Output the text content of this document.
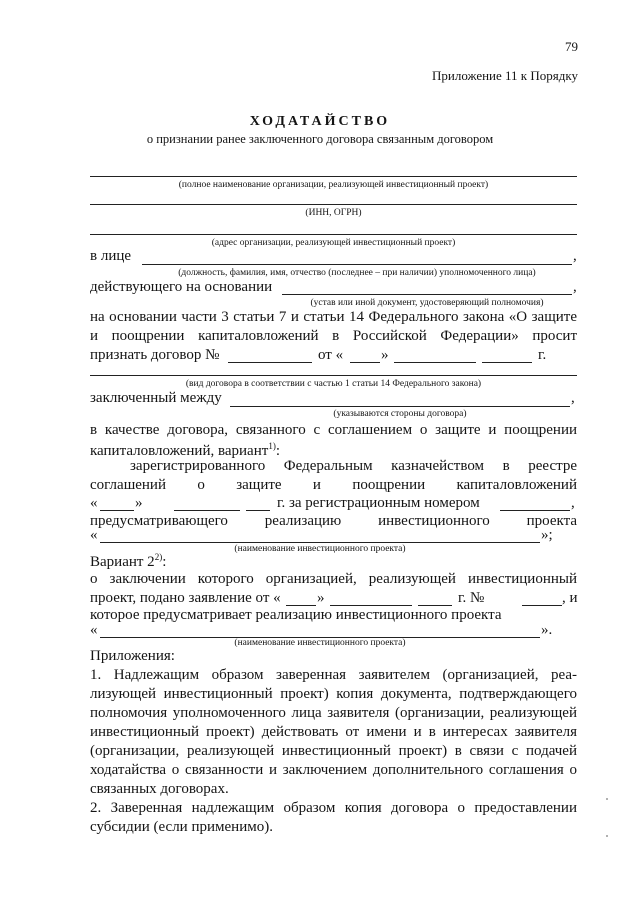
79
Приложение 11 к Порядку
ХОДАТАЙСТВО
о признании ранее заключенного договора связанным договором
(полное наименование организации, реализующей инвестиционный проект)
(ИНН, ОГРН)
(адрес организации, реализующей инвестиционный проект)
в лице	,
(должность, фамилия, имя, отчество (последнее – при наличии) уполномоченного лица)
действующего на основании	,
(устав или иной документ, удостоверяющий полномочия)
на основании части 3 статьи 7 и статьи 14 Федерального закона «О защите
и поощрении капиталовложений в Российской Федерации» просит
признать договор №	от «	»	г.
(вид договора в соответствии с частью 1 статьи 14 Федерального закона)
заключенный между	,
(указываются стороны договора)
в качестве договора, связанного с соглашением о защите и поощрении
капиталовложений, вариант$^{1)}$:
зарегистрированного Федеральным казначейством в реестре
соглашений о защите и поощрении капиталовложений
«	»	г. за регистрационным номером	,
предусматривающего реализацию инвестиционного проекта
«	»;
(наименование инвестиционного проекта)
Вариант 2$^{2)}$:
о заключении которого организацией, реализующей инвестиционный
проект, подано заявление от « »	г. №	, и
которое предусматривает реализацию инвестиционного проекта
«	».
(наименование инвестиционного проекта)
Приложения:
1. Надлежащим образом заверенная заявителем (организацией, реа-
лизующей инвестиционный проект) копия документа, подтверждающего
полномочия уполномоченного лица заявителя (организации, реализующей
инвестиционный проект) действовать от имени и в интересах заявителя
(организации, реализующей инвестиционный проект) в связи с подачей
ходатайства о связанности и заключением дополнительного соглашения о
связанных договорах.
2. Заверенная надлежащим образом копия договора о предоставлении
субсидии (если применимо).
